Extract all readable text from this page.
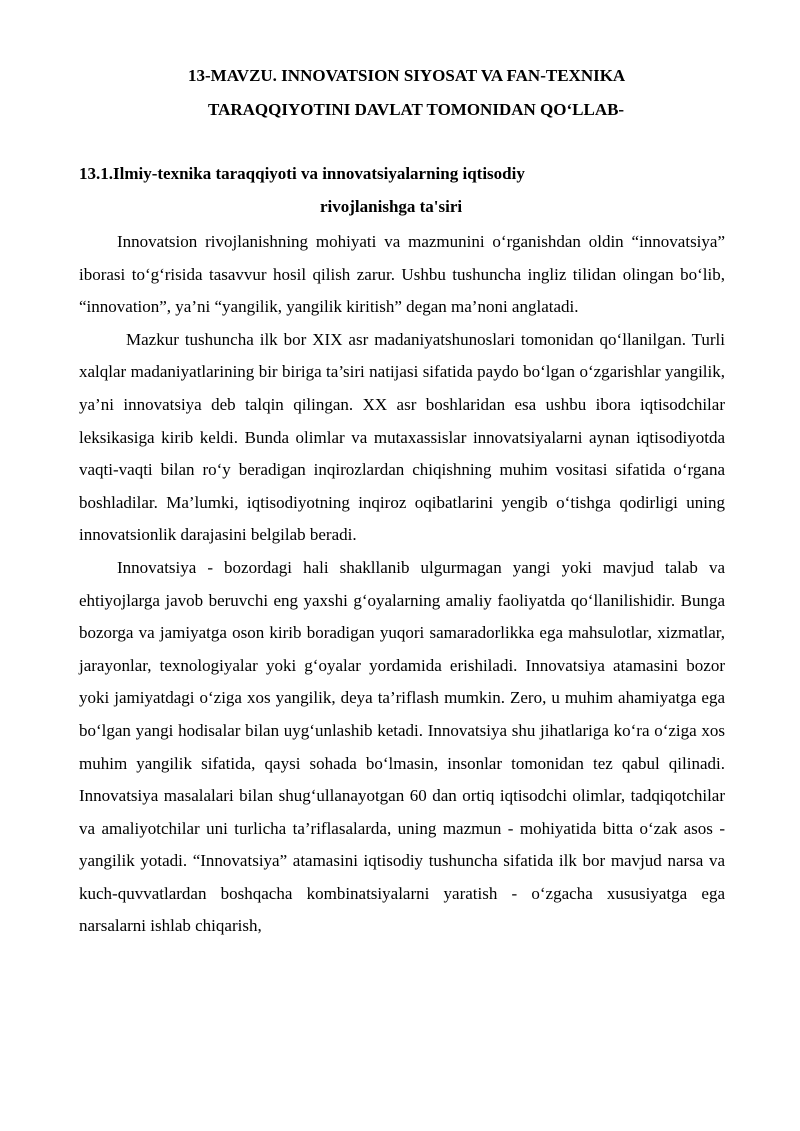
13-MAVZU. INNOVATSION SIYOSAT VA FAN-TEXNIKA
TARAQQIYOTINI DAVLAT TOMONIDAN QO‘LLAB-
13.1.Ilmiy-texnika taraqqiyoti va innovatsiyalarning iqtisodiy
rivojlanishga ta'siri

Innovatsion rivojlanishning mohiyati va mazmunini o‘rganishdan oldin “innovatsiya” iborasi to‘g‘risida tasavvur hosil qilish zarur. Ushbu tushuncha ingliz tilidan olingan bo‘lib, “innovation”, ya’ni “yangilik, yangilik kiritish” degan ma’noni anglatadi.

Mazkur tushuncha ilk bor XIX asr madaniyatshunoslari tomonidan qo‘llanilgan. Turli xalqlar madaniyatlarining bir biriga ta’siri natijasi sifatida paydo bo‘lgan o‘zgarishlar yangilik, ya’ni innovatsiya deb talqin qilingan. XX asr boshlaridan esa ushbu ibora iqtisodchilar leksikasiga kirib keldi. Bunda olimlar va mutaxassislar innovatsiyalarni aynan iqtisodiyotda vaqti-vaqti bilan ro‘y beradigan inqirozlardan chiqishning muhim vositasi sifatida o‘rgana boshladilar. Ma’lumki, iqtisodiyotning inqiroz oqibatlarini yengib o‘tishga qodirligi uning innovatsionlik darajasini belgilab beradi.

Innovatsiya - bozordagi hali shakllanib ulgurmagan yangi yoki mavjud talab va ehtiyojlarga javob beruvchi eng yaxshi g‘oyalarning amaliy faoliyatda qo‘llanilishidir. Bunga bozorga va jamiyatga oson kirib boradigan yuqori samaradorlikka ega mahsulotlar, xizmatlar, jarayonlar, texnologiyalar yoki g‘oyalar yordamida erishiladi. Innovatsiya atamasini bozor yoki jamiyatdagi o‘ziga xos yangilik, deya ta’riflash mumkin. Zero, u muhim ahamiyatga ega bo‘lgan yangi hodisalar bilan uyg‘unlashib ketadi. Innovatsiya shu jihatlariga ko‘ra o‘ziga xos muhim yangilik sifatida, qaysi sohada bo‘lmasin, insonlar tomonidan tez qabul qilinadi. Innovatsiya masalalari bilan shug‘ullanayotgan 60 dan ortiq iqtisodchi olimlar, tadqiqotchilar va amaliyotchilar uni turlicha ta’riflasalarda, uning mazmun - mohiyatida bitta o‘zak asos - yangilik yotadi. “Innovatsiya” atamasini iqtisodiy tushuncha sifatida ilk bor mavjud narsa va kuch-quvvatlardan boshqacha kombinatsiyalarni yaratish - o‘zgacha xususiyatga ega narsalarni ishlab chiqarish,
